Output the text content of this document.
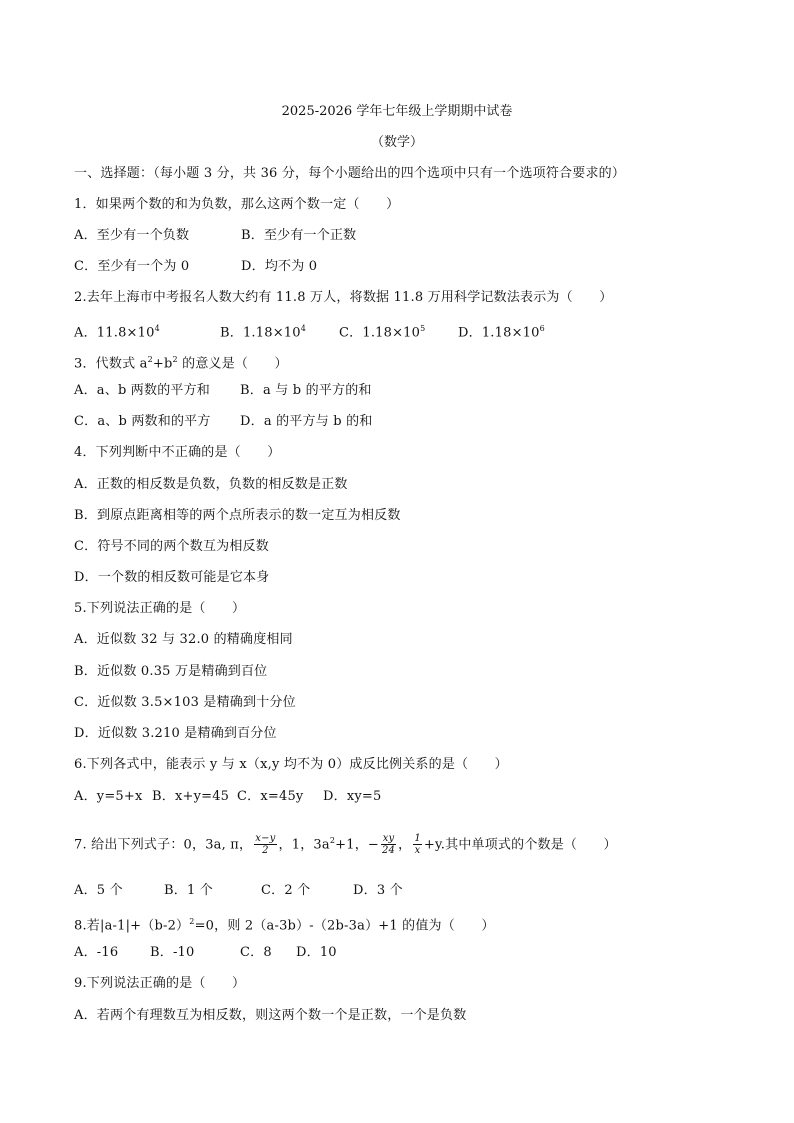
2025-2026 学年七年级上学期期中试卷
（数学）
一、选择题：（每小题 3 分，共 36 分，每个小题给出的四个选项中只有一个选项符合要求的）
1．如果两个数的和为负数，那么这两个数一定（　　）
A．至少有一个负数	B．至少有一个正数
C．至少有一个为 0	D．均不为 0
2.去年上海市中考报名人数大约有 11.8 万人，将数据 11.8 万用科学记数法表示为（　　）
A．$11.8\times 10^4$	B．$1.18\times 10^4$	C．$1.18\times 10^5$	D．$1.18\times 10^6$
3．代数式 $a^2+b^2$ 的意义是（　　）
A．a、b 两数的平方和 B．a 与 b 的平方的和
C．a、b 两数和的平方 D．a 的平方与 b 的和
4．下列判断中不正确的是（　　）
A．正数的相反数是负数，负数的相反数是正数
B．到原点距离相等的两个点所表示的数一定互为相反数
C．符号不同的两个数互为相反数
D．一个数的相反数可能是它本身
5.下列说法正确的是（　　）
A．近似数 32 与 32.0 的精确度相同
B．近似数 0.35 万是精确到百位
C．近似数 3.5×103 是精确到十分位
D．近似数 3.210 是精确到百分位
6.下列各式中，能表示 y 与 x（x,y 均不为 0）成反比例关系的是（　　）
A．y=5+x B．x+y=45 C．x=45y D．xy=5
7. 给出下列式子：0，3a, π， $\frac{x-y}{2}$ ，1，$3a^2+1$，− $\frac{xy}{24}$ ， $\frac{1}{x} +y$.其中单项式的个数是（　　）
A．5 个	B．1 个	C．2 个	D．3 个
8.若$|a-1|+(b-2)^2=0$，则 2（a-3b）-（2b-3a）+1 的值为（　　）
A．-16 B．-10	C．8 D．10
9.下列说法正确的是（　　）
A．若两个有理数互为相反数，则这两个数一个是正数，一个是负数
